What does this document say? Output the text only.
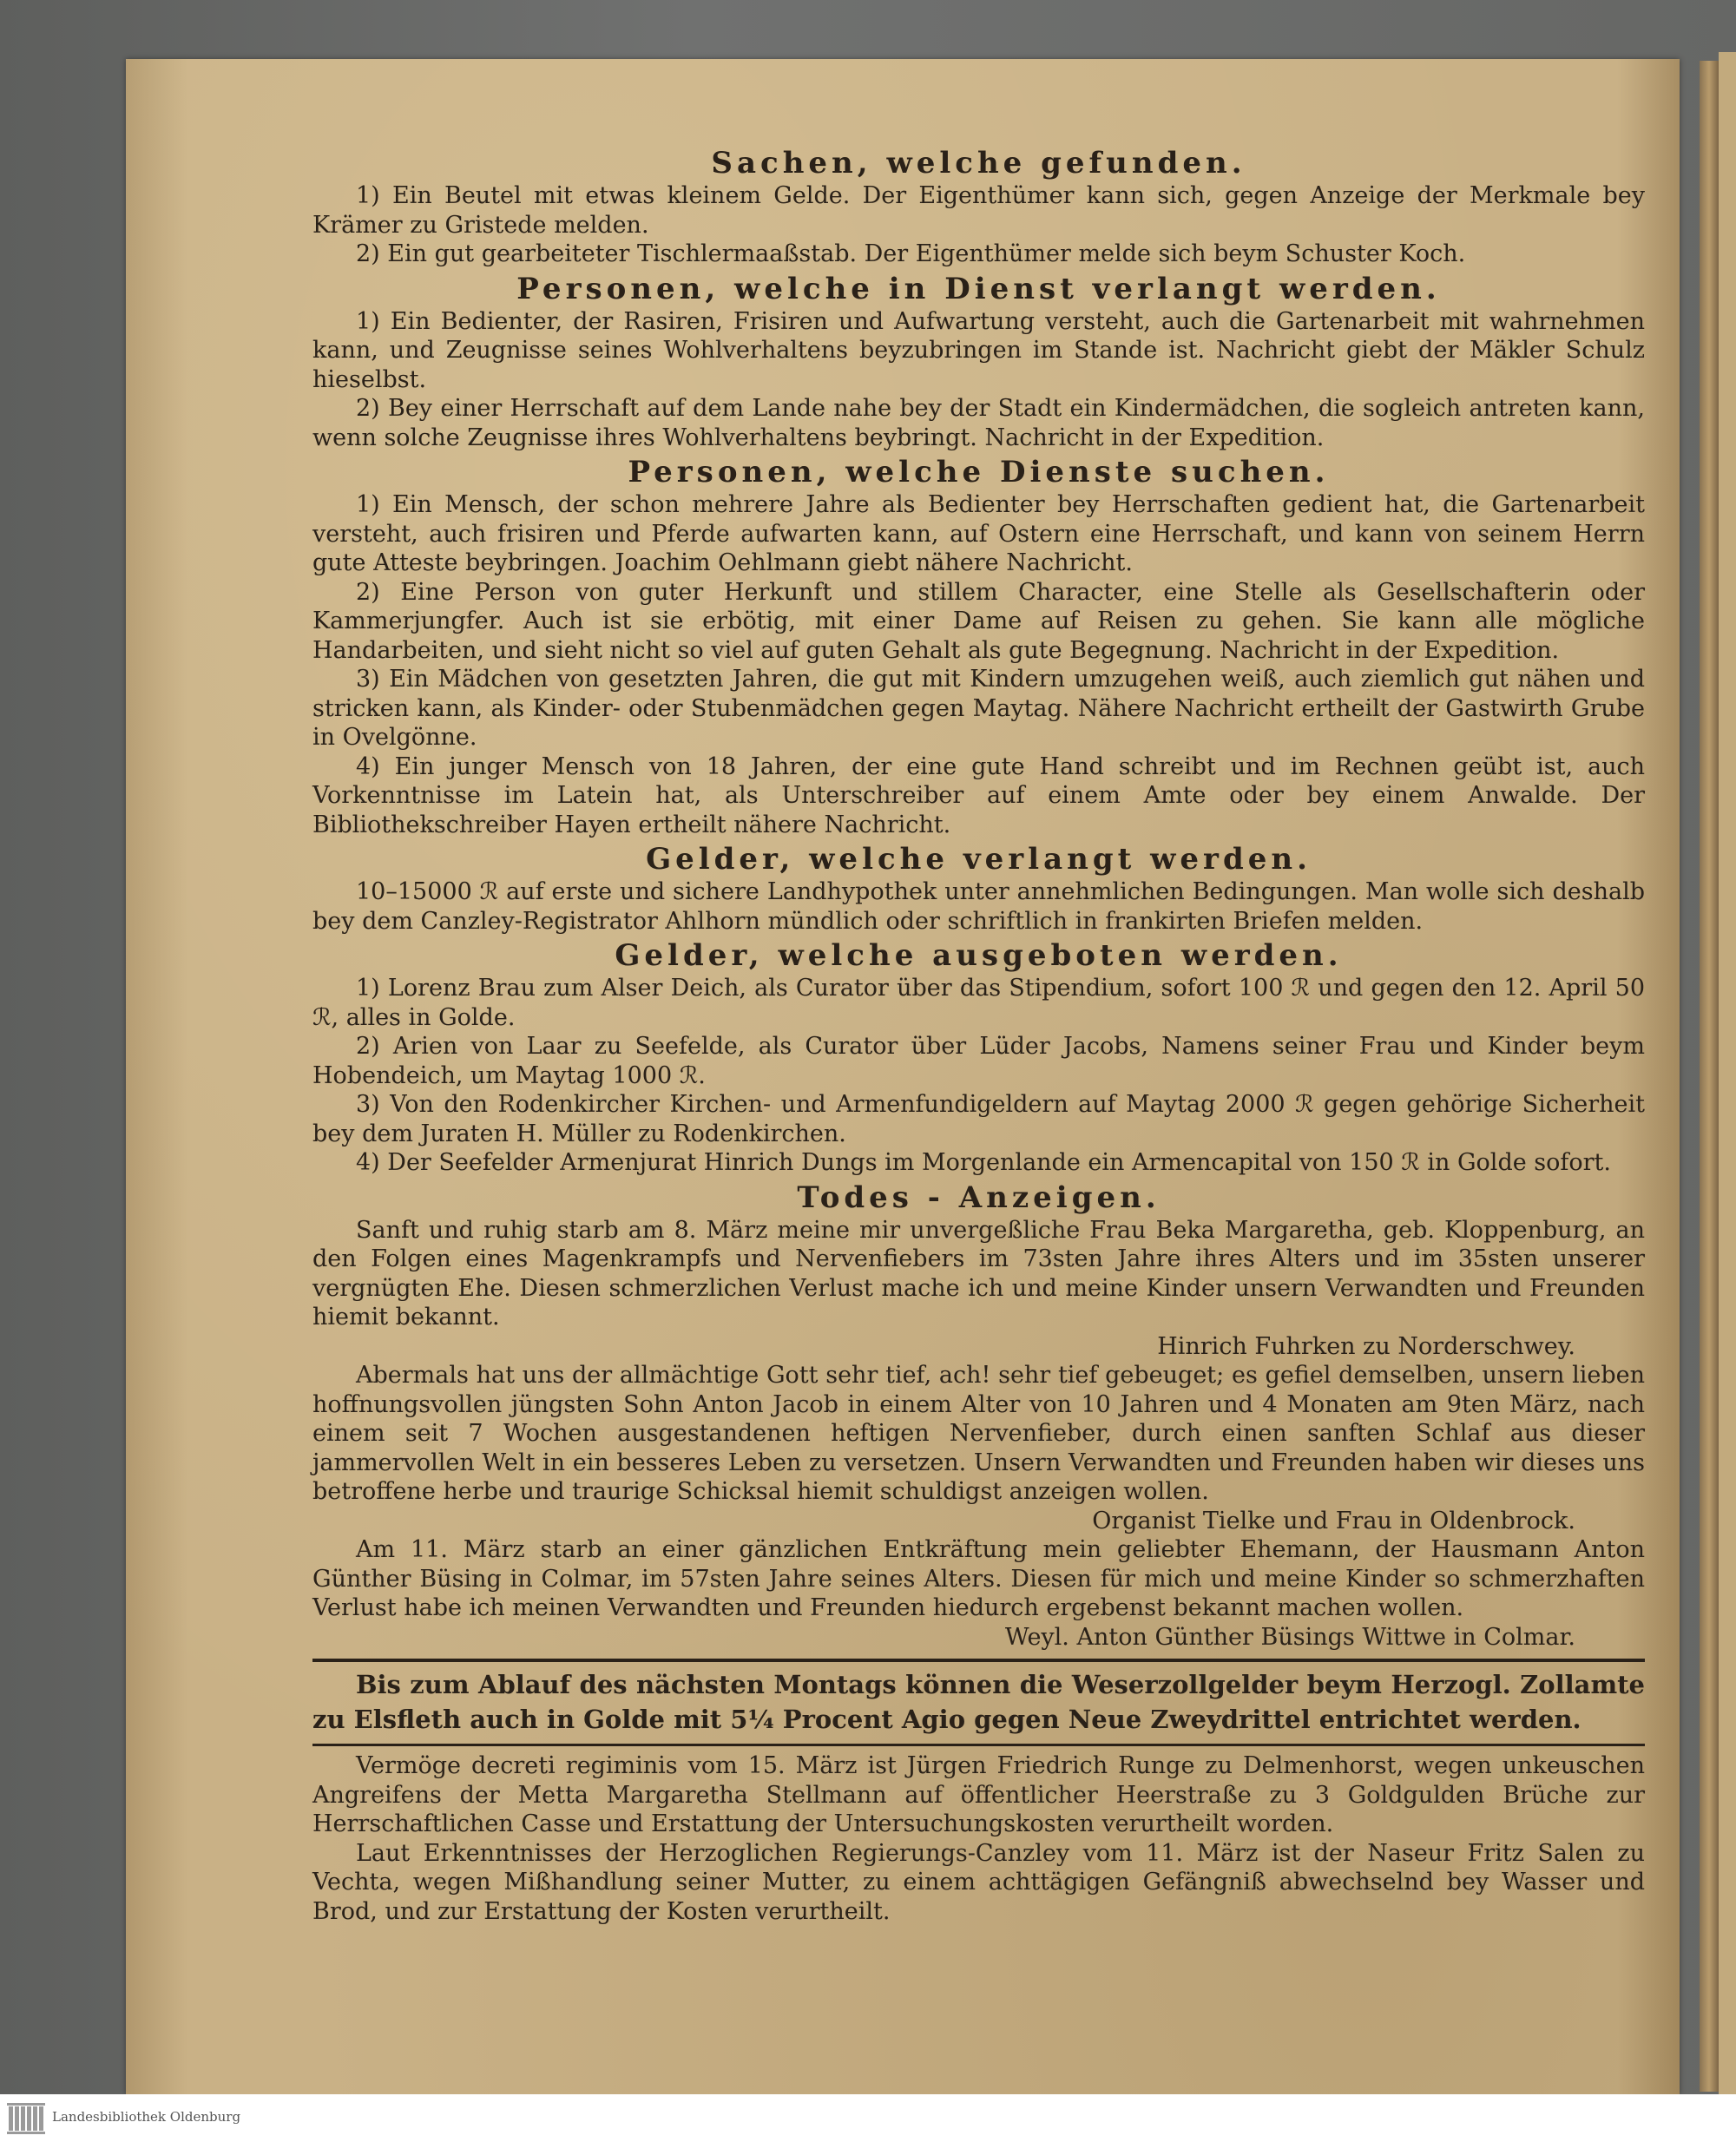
Sachen, welche gefunden.

1) Ein Beutel mit etwas kleinem Gelde. Der Eigenthümer kann sich, gegen Anzeige der Merkmale bey Krämer zu Gristede melden.

2) Ein gut gearbeiteter Tischlermaaßstab. Der Eigenthümer melde sich beym Schuster Koch.

Personen, welche in Dienst verlangt werden.

1) Ein Bedienter, der Rasiren, Frisiren und Aufwartung versteht, auch die Gartenarbeit mit wahrnehmen kann, und Zeugnisse seines Wohlverhaltens beyzubringen im Stande ist. Nachricht giebt der Mäkler Schulz hieselbst.

2) Bey einer Herrschaft auf dem Lande nahe bey der Stadt ein Kindermädchen, die sogleich antreten kann, wenn solche Zeugnisse ihres Wohlverhaltens beybringt. Nachricht in der Expedition.

Personen, welche Dienste suchen.

1) Ein Mensch, der schon mehrere Jahre als Bedienter bey Herrschaften gedient hat, die Gartenarbeit versteht, auch frisiren und Pferde aufwarten kann, auf Ostern eine Herrschaft, und kann von seinem Herrn gute Atteste beybringen. Joachim Oehlmann giebt nähere Nachricht.

2) Eine Person von guter Herkunft und stillem Character, eine Stelle als Gesellschafterin oder Kammerjungfer. Auch ist sie erbötig, mit einer Dame auf Reisen zu gehen. Sie kann alle mögliche Handarbeiten, und sieht nicht so viel auf guten Gehalt als gute Begegnung. Nachricht in der Expedition.

3) Ein Mädchen von gesetzten Jahren, die gut mit Kindern umzugehen weiß, auch ziemlich gut nähen und stricken kann, als Kinder- oder Stubenmädchen gegen Maytag. Nähere Nachricht ertheilt der Gastwirth Grube in Ovelgönne.

4) Ein junger Mensch von 18 Jahren, der eine gute Hand schreibt und im Rechnen geübt ist, auch Vorkenntnisse im Latein hat, als Unterschreiber auf einem Amte oder bey einem Anwalde. Der Bibliothekschreiber Hayen ertheilt nähere Nachricht.

Gelder, welche verlangt werden.

10–15000 ℛ auf erste und sichere Landhypothek unter annehmlichen Bedingungen. Man wolle sich deshalb bey dem Canzley-Registrator Ahlhorn mündlich oder schriftlich in frankirten Briefen melden.

Gelder, welche ausgeboten werden.

1) Lorenz Brau zum Alser Deich, als Curator über das Stipendium, sofort 100 ℛ und gegen den 12. April 50 ℛ, alles in Golde.

2) Arien von Laar zu Seefelde, als Curator über Lüder Jacobs, Namens seiner Frau und Kinder beym Hobendeich, um Maytag 1000 ℛ.

3) Von den Rodenkircher Kirchen- und Armenfundigeldern auf Maytag 2000 ℛ gegen gehörige Sicherheit bey dem Juraten H. Müller zu Rodenkirchen.

4) Der Seefelder Armenjurat Hinrich Dungs im Morgenlande ein Armencapital von 150 ℛ in Golde sofort.

Todes - Anzeigen.

Sanft und ruhig starb am 8. März meine mir unvergeßliche Frau Beka Margaretha, geb. Kloppenburg, an den Folgen eines Magenkrampfs und Nervenfiebers im 73sten Jahre ihres Alters und im 35sten unserer vergnügten Ehe. Diesen schmerzlichen Verlust mache ich und meine Kinder unsern Verwandten und Freunden hiemit bekannt.

Hinrich Fuhrken zu Norderschwey.

Abermals hat uns der allmächtige Gott sehr tief, ach! sehr tief gebeuget; es gefiel demselben, unsern lieben hoffnungsvollen jüngsten Sohn Anton Jacob in einem Alter von 10 Jahren und 4 Monaten am 9ten März, nach einem seit 7 Wochen ausgestandenen heftigen Nervenfieber, durch einen sanften Schlaf aus dieser jammervollen Welt in ein besseres Leben zu versetzen. Unsern Verwandten und Freunden haben wir dieses uns betroffene herbe und traurige Schicksal hiemit schuldigst anzeigen wollen.

Organist Tielke und Frau in Oldenbrock.

Am 11. März starb an einer gänzlichen Entkräftung mein geliebter Ehemann, der Hausmann Anton Günther Büsing in Colmar, im 57sten Jahre seines Alters. Diesen für mich und meine Kinder so schmerzhaften Verlust habe ich meinen Verwandten und Freunden hiedurch ergebenst bekannt machen wollen.

Weyl. Anton Günther Büsings Wittwe in Colmar.

Bis zum Ablauf des nächsten Montags können die Weserzollgelder beym Herzogl. Zollamte zu Elsfleth auch in Golde mit 5¼ Procent Agio gegen Neue Zweydrittel entrichtet werden.

Vermöge decreti regiminis vom 15. März ist Jürgen Friedrich Runge zu Delmenhorst, wegen unkeuschen Angreifens der Metta Margaretha Stellmann auf öffentlicher Heerstraße zu 3 Goldgulden Brüche zur Herrschaftlichen Casse und Erstattung der Untersuchungskosten verurtheilt worden.

Laut Erkenntnisses der Herzoglichen Regierungs-Canzley vom 11. März ist der Naseur Fritz Salen zu Vechta, wegen Mißhandlung seiner Mutter, zu einem achttägigen Gefängniß abwechselnd bey Wasser und Brod, und zur Erstattung der Kosten verurtheilt.

Landesbibliothek Oldenburg
